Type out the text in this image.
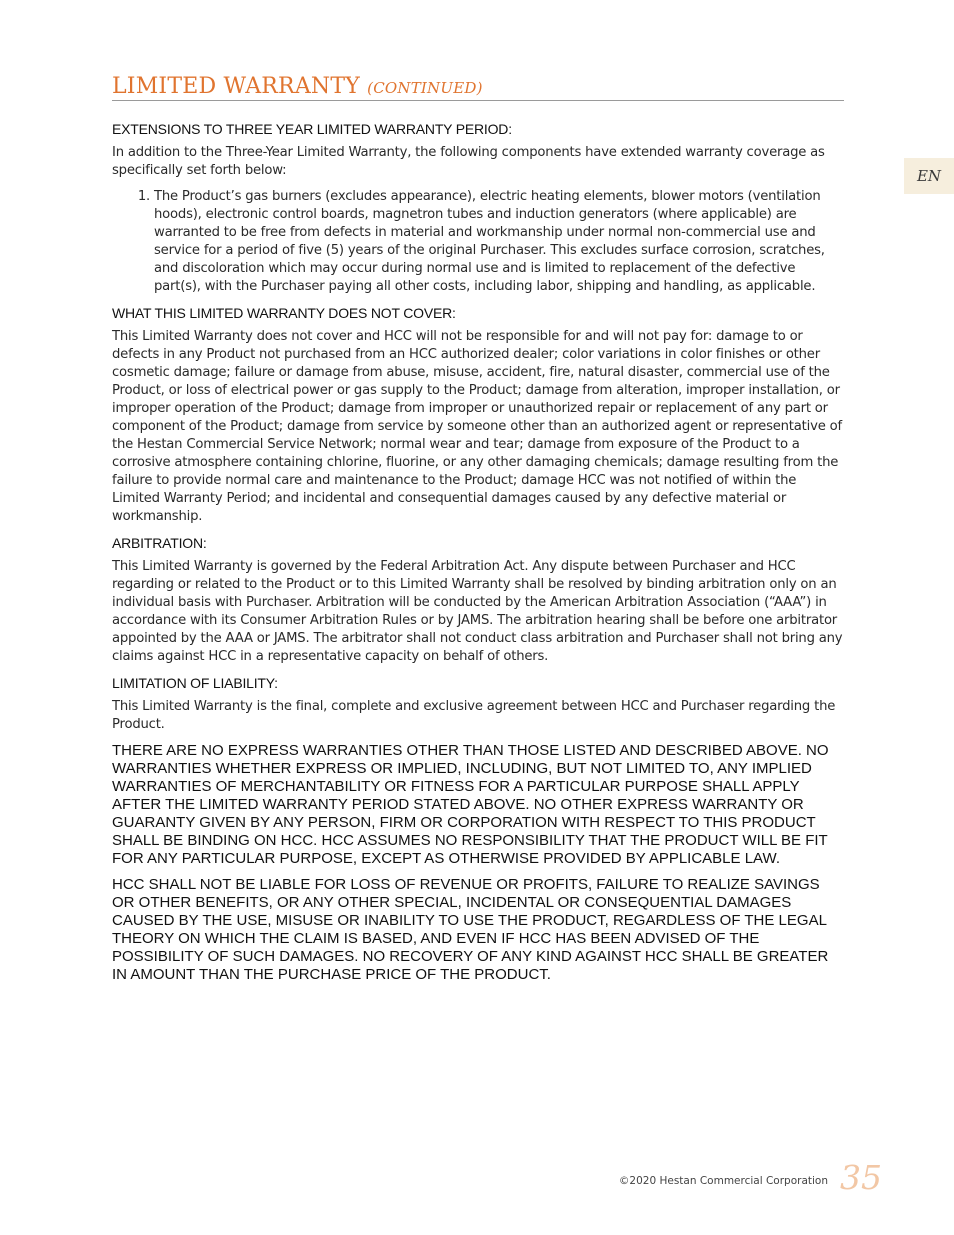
LIMITED WARRANTY (CONTINUED)
EN
EXTENSIONS TO THREE YEAR LIMITED WARRANTY PERIOD:

In addition to the Three-Year Limited Warranty, the following components have extended warranty coverage as specifically set forth below:

1. The Product’s gas burners (excludes appearance), electric heating elements, blower motors (ventilation hoods), electronic control boards, magnetron tubes and induction generators (where applicable) are warranted to be free from defects in material and workmanship under normal non-commercial use and service for a period of five (5) years of the original Purchaser. This excludes surface corrosion, scratches, and discoloration which may occur during normal use and is limited to replacement of the defective part(s), with the Purchaser paying all other costs, including labor, shipping and handling, as applicable.
WHAT THIS LIMITED WARRANTY DOES NOT COVER:

This Limited Warranty does not cover and HCC will not be responsible for and will not pay for: damage to or defects in any Product not purchased from an HCC authorized dealer; color variations in color finishes or other cosmetic damage; failure or damage from abuse, misuse, accident, fire, natural disaster, commercial use of the Product, or loss of electrical power or gas supply to the Product; damage from alteration, improper installation, or improper operation of the Product; damage from improper or unauthorized repair or replacement of any part or component of the Product; damage from service by someone other than an authorized agent or representative of the Hestan Commercial Service Network; normal wear and tear; damage from exposure of the Product to a corrosive atmosphere containing chlorine, fluorine, or any other damaging chemicals; damage resulting from the failure to provide normal care and maintenance to the Product; damage HCC was not notified of within the Limited Warranty Period; and incidental and consequential damages caused by any defective material or workmanship.

ARBITRATION:

This Limited Warranty is governed by the Federal Arbitration Act. Any dispute between Purchaser and HCC regarding or related to the Product or to this Limited Warranty shall be resolved by binding arbitration only on an individual basis with Purchaser. Arbitration will be conducted by the American Arbitration Association (“AAA”) in accordance with its Consumer Arbitration Rules or by JAMS. The arbitration hearing shall be before one arbitrator appointed by the AAA or JAMS. The arbitrator shall not conduct class arbitration and Purchaser shall not bring any claims against HCC in a representative capacity on behalf of others.

LIMITATION OF LIABILITY:

This Limited Warranty is the final, complete and exclusive agreement between HCC and Purchaser regarding the Product.

THERE ARE NO EXPRESS WARRANTIES OTHER THAN THOSE LISTED AND DESCRIBED ABOVE. NO WARRANTIES WHETHER EXPRESS OR IMPLIED, INCLUDING, BUT NOT LIMITED TO, ANY IMPLIED WARRANTIES OF MERCHANTABILITY OR FITNESS FOR A PARTICULAR PURPOSE SHALL APPLY AFTER THE LIMITED WARRANTY PERIOD STATED ABOVE. NO OTHER EXPRESS WARRANTY OR GUARANTY GIVEN BY ANY PERSON, FIRM OR CORPORATION WITH RESPECT TO THIS PRODUCT SHALL BE BINDING ON HCC. HCC ASSUMES NO RESPONSIBILITY THAT THE PRODUCT WILL BE FIT FOR ANY PARTICULAR PURPOSE, EXCEPT AS OTHERWISE PROVIDED BY APPLICABLE LAW.

HCC SHALL NOT BE LIABLE FOR LOSS OF REVENUE OR PROFITS, FAILURE TO REALIZE SAVINGS OR OTHER BENEFITS, OR ANY OTHER SPECIAL, INCIDENTAL OR CONSEQUENTIAL DAMAGES CAUSED BY THE USE, MISUSE OR INABILITY TO USE THE PRODUCT, REGARDLESS OF THE LEGAL THEORY ON WHICH THE CLAIM IS BASED, AND EVEN IF HCC HAS BEEN ADVISED OF THE POSSIBILITY OF SUCH DAMAGES. NO RECOVERY OF ANY KIND AGAINST HCC SHALL BE GREATER IN AMOUNT THAN THE PURCHASE PRICE OF THE PRODUCT.

©2020 Hestan Commercial Corporation 35
